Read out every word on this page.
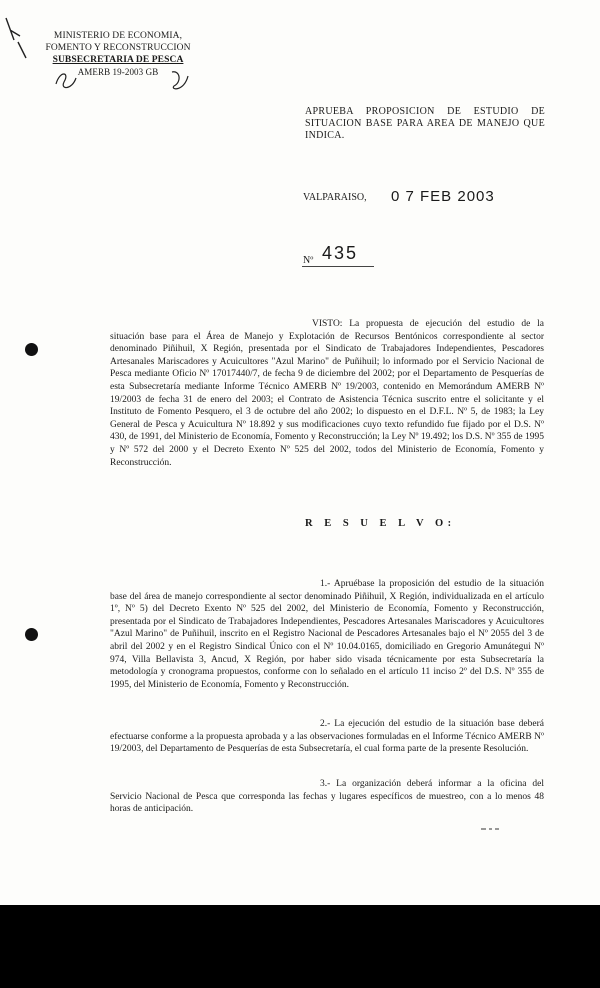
MINISTERIO DE ECONOMIA,
FOMENTO Y RECONSTRUCCION
SUBSECRETARIA DE PESCA
AMERB 19-2003 GB
APRUEBA PROPOSICION DE ESTUDIO DE SITUACION BASE PARA AREA DE MANEJO QUE INDICA.
VALPARAISO, 0 7 FEB 2003
Nº 435
VISTO: La propuesta de ejecución del estudio de la situación base para el Área de Manejo y Explotación de Recursos Bentónicos correspondiente al sector denominado Piñihuil, X Región, presentada por el Sindicato de Trabajadores Independientes, Pescadores Artesanales Mariscadores y Acuicultores "Azul Marino" de Puñihuil; lo informado por el Servicio Nacional de Pesca mediante Oficio Nº 17017440/7, de fecha 9 de diciembre del 2002; por el Departamento de Pesquerías de esta Subsecretaría mediante Informe Técnico AMERB Nº 19/2003, contenido en Memorándum AMERB Nº 19/2003 de fecha 31 de enero del 2003; el Contrato de Asistencia Técnica suscrito entre el solicitante y el Instituto de Fomento Pesquero, el 3 de octubre del año 2002; lo dispuesto en el D.F.L. Nº 5, de 1983; la Ley General de Pesca y Acuicultura Nº 18.892 y sus modificaciones cuyo texto refundido fue fijado por el D.S. Nº 430, de 1991, del Ministerio de Economía, Fomento y Reconstrucción; la Ley Nº 19.492; los D.S. Nº 355 de 1995 y Nº 572 del 2000 y el Decreto Exento Nº 525 del 2002, todos del Ministerio de Economía, Fomento y Reconstrucción.
R E S U E L V O:
1.- Apruébase la proposición del estudio de la situación base del área de manejo correspondiente al sector denominado Piñihuil, X Región, individualizada en el artículo 1º, Nº 5) del Decreto Exento Nº 525 del 2002, del Ministerio de Economía, Fomento y Reconstrucción, presentada por el Sindicato de Trabajadores Independientes, Pescadores Artesanales Mariscadores y Acuicultores "Azul Marino" de Puñihuil, inscrito en el Registro Nacional de Pescadores Artesanales bajo el Nº 2055 del 3 de abril del 2002 y en el Registro Sindical Único con el Nº 10.04.0165, domiciliado en Gregorio Amunátegui Nº 974, Villa Bellavista 3, Ancud, X Región, por haber sido visada técnicamente por esta Subsecretaría la metodología y cronograma propuestos, conforme con lo señalado en el artículo 11 inciso 2º del D.S. Nº 355 de 1995, del Ministerio de Economía, Fomento y Reconstrucción.
2.- La ejecución del estudio de la situación base deberá efectuarse conforme a la propuesta aprobada y a las observaciones formuladas en el Informe Técnico AMERB Nº 19/2003, del Departamento de Pesquerías de esta Subsecretaría, el cual forma parte de la presente Resolución.
3.- La organización deberá informar a la oficina del Servicio Nacional de Pesca que corresponda las fechas y lugares específicos de muestreo, con a lo menos 48 horas de anticipación.
